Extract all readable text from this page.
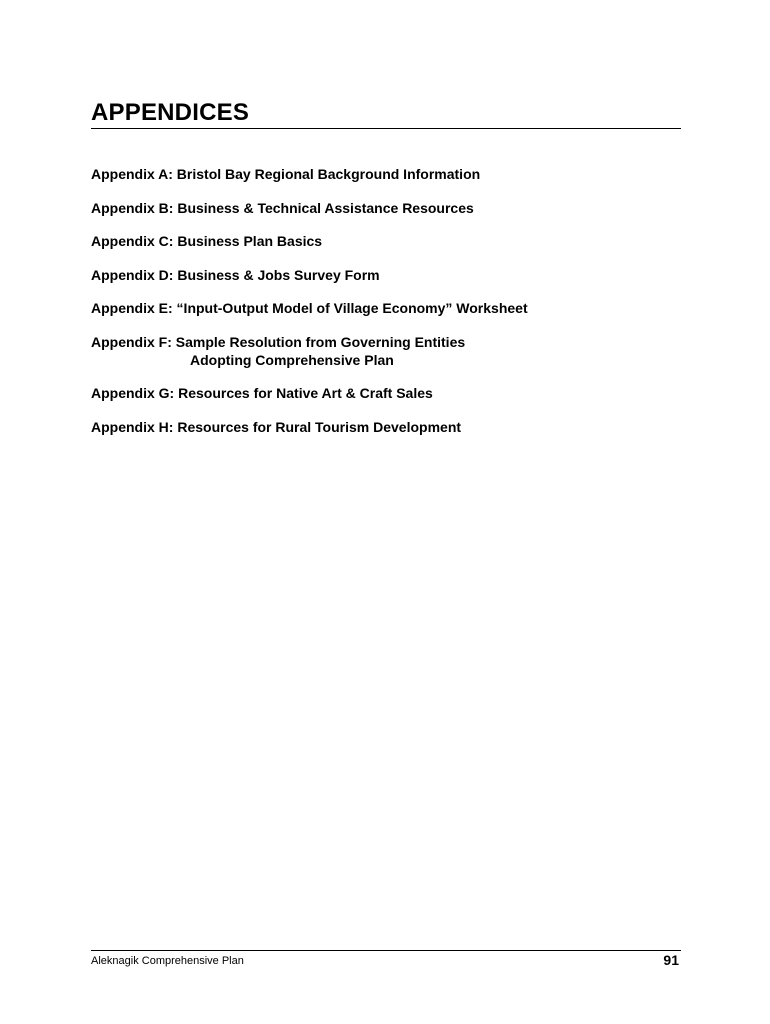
APPENDICES
Appendix A: Bristol Bay Regional Background Information
Appendix B: Business & Technical Assistance Resources
Appendix C: Business Plan Basics
Appendix D: Business & Jobs Survey Form
Appendix E: “Input-Output Model of Village Economy” Worksheet
Appendix F: Sample Resolution from Governing Entities
Adopting Comprehensive Plan
Appendix G: Resources for Native Art & Craft Sales
Appendix H: Resources for Rural Tourism Development
Aleknagik Comprehensive Plan	91
